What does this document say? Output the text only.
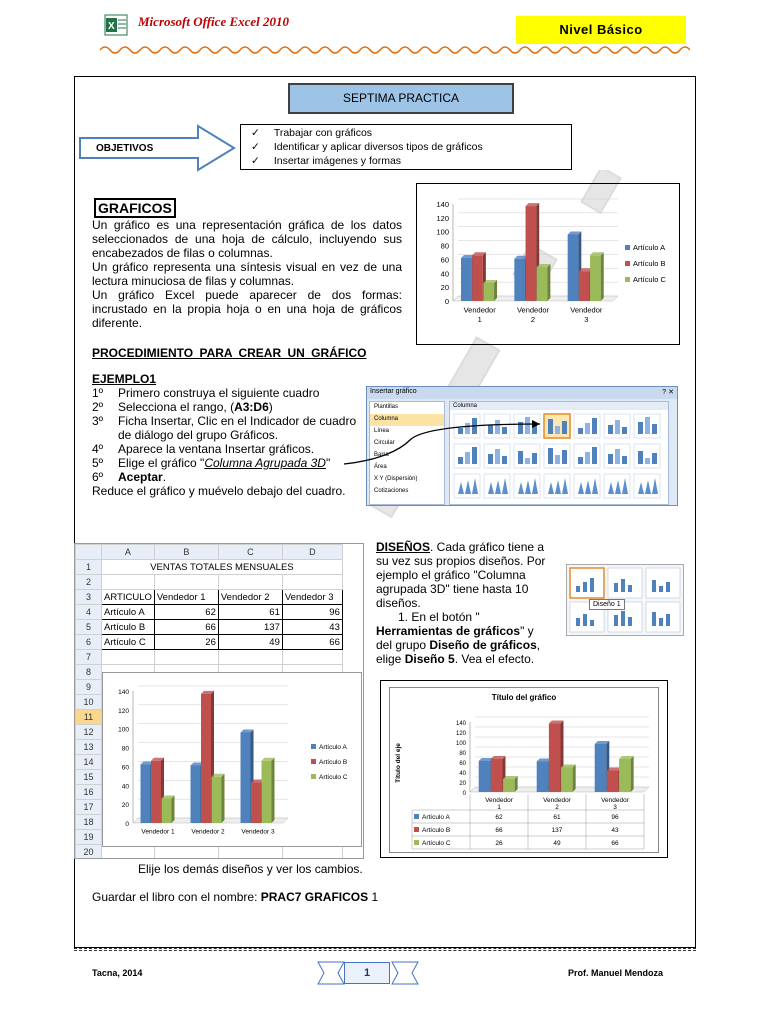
X Microsoft Office Excel 2010
Nivel Básico
SEPTIMA PRACTICA
OBJETIVOS
✓ Trabajar con gráficos
✓ Identificar y aplicar diversos tipos de gráficos
✓ Insertar imágenes y formas
GRAFICOS
Un gráfico es una representación gráfica de los datos seleccionados de una hoja de cálculo, incluyendo sus encabezados de filas o columnas.
Un gráfico representa una síntesis visual en vez de una lectura minuciosa de filas y columnas.
Un gráfico Excel puede aparecer de dos formas: incrustado en la propia hoja o en una hoja de gráficos diferente.
0
20
40
60
80
100
120
140
Vendedor
1
Vendedor
2
Vendedor
3
Artículo A
Artículo B
Artículo C
PROCEDIMIENTO PARA CREAR UN GRÁFICO
EJEMPLO1
1º	Primero construya el siguiente cuadro
2º	Selecciona el rango, (A3:D6)
3º	Ficha Insertar, Clic en el Indicador de cuadro de diálogo del grupo Gráficos.
4º	Aparece la ventana Insertar gráficos.
5º	Elige el gráfico "Columna Agrupada 3D"
6º	Aceptar.
Reduce el gráfico y muévelo debajo del cuadro.
Insertar gráfico	? ✕
Plantillas
Columna
Línea
Circular
Barra
Área
X Y (Dispersión)
Cotizaciones
Columna
	A	B	C	D
1	VENTAS TOTALES MENSUALES			
2				
3	ARTICULO	Vendedor 1	Vendedor 2	Vendedor 3
4	Artículo A	62	61	96
5	Artículo B	66	137	43
6	Artículo C	26	49	66
7				
8				
9				
10				
11				
12				
13				
14				
15				
16				
17				
18				
19				
20				
0
20
40
60
80
100
120
140
Vendedor 1	Vendedor 2	Vendedor 3
Artículo A
Artículo B
Artículo C
DISEÑOS. Cada gráfico tiene a su vez sus propios diseños. Por ejemplo el gráfico "Columna agrupada 3D" tiene hasta 10 diseños.
1. En el botón "
Herramientas de gráficos" y del grupo Diseño de gráficos, elige Diseño 5. Vea el efecto.
Diseño 1
Título del gráfico
Título del eje
0
20
40
60
80
100
120
140
Vendedor
1
Vendedor
2
Vendedor
3
Artículo A	62	61	96
Artículo B	66	137	43
Artículo C	26	49	66
Elije los demás diseños y ver los cambios.
Guardar el libro con el nombre: PRAC7 GRAFICOS 1
1
Tacna, 2014	Prof. Manuel Mendoza
